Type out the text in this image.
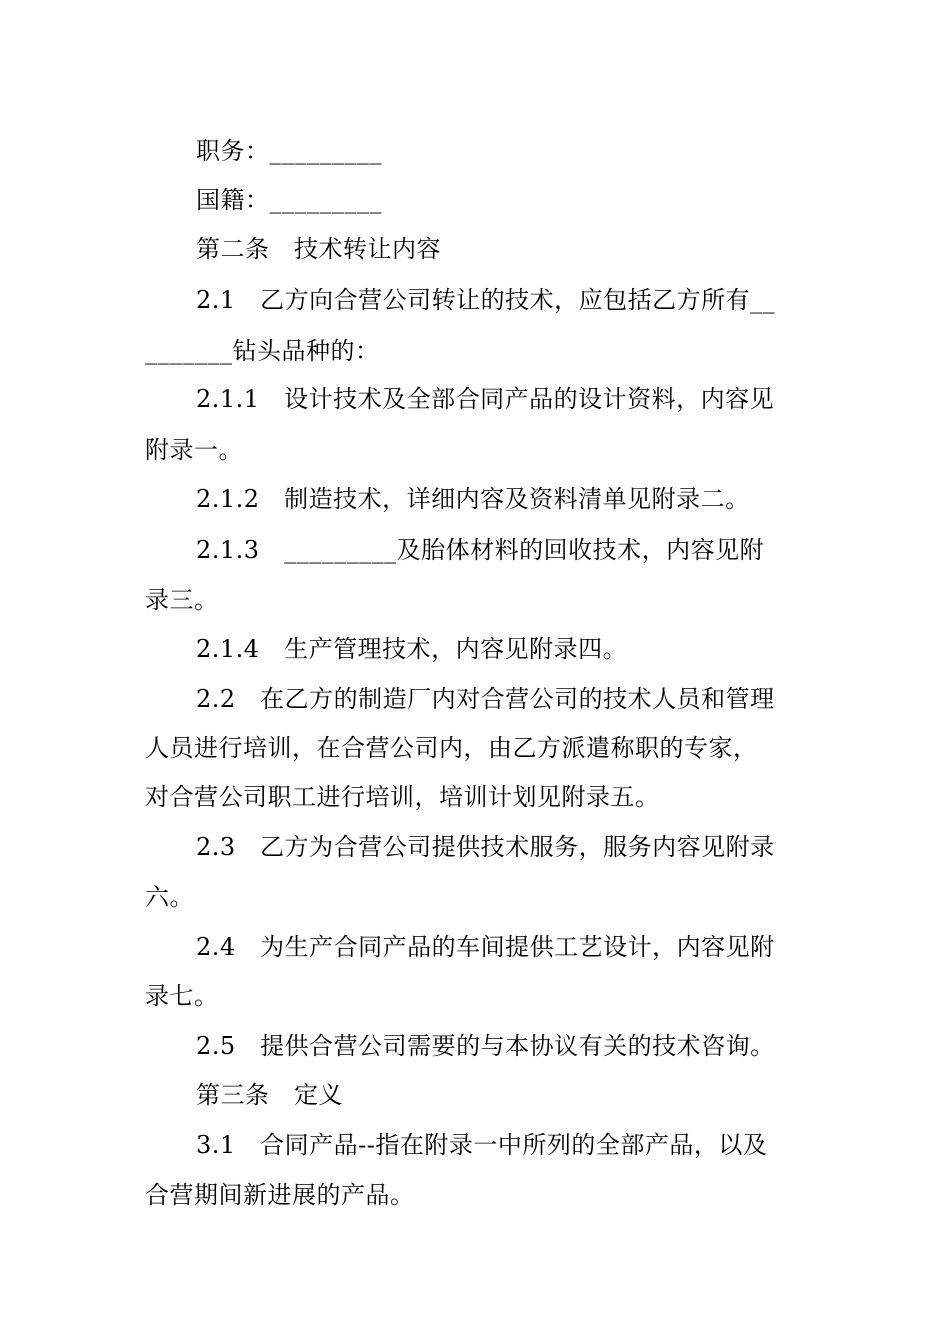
职务：_________
国籍：_________
第二条　技术转让内容
2.1　乙方向合营公司转让的技术，应包括乙方所有__
_______钻头品种的：
2.1.1　设计技术及全部合同产品的设计资料，内容见
附录一。
2.1.2　制造技术，详细内容及资料清单见附录二。
2.1.3　_________及胎体材料的回收技术，内容见附
录三。
2.1.4　生产管理技术，内容见附录四。
2.2　在乙方的制造厂内对合营公司的技术人员和管理
人员进行培训，在合营公司内，由乙方派遣称职的专家，
对合营公司职工进行培训，培训计划见附录五。
2.3　乙方为合营公司提供技术服务，服务内容见附录
六。
2.4　为生产合同产品的车间提供工艺设计，内容见附
录七。
2.5　提供合营公司需要的与本协议有关的技术咨询。
第三条　定义
3.1　合同产品--指在附录一中所列的全部产品，以及
合营期间新进展的产品。
